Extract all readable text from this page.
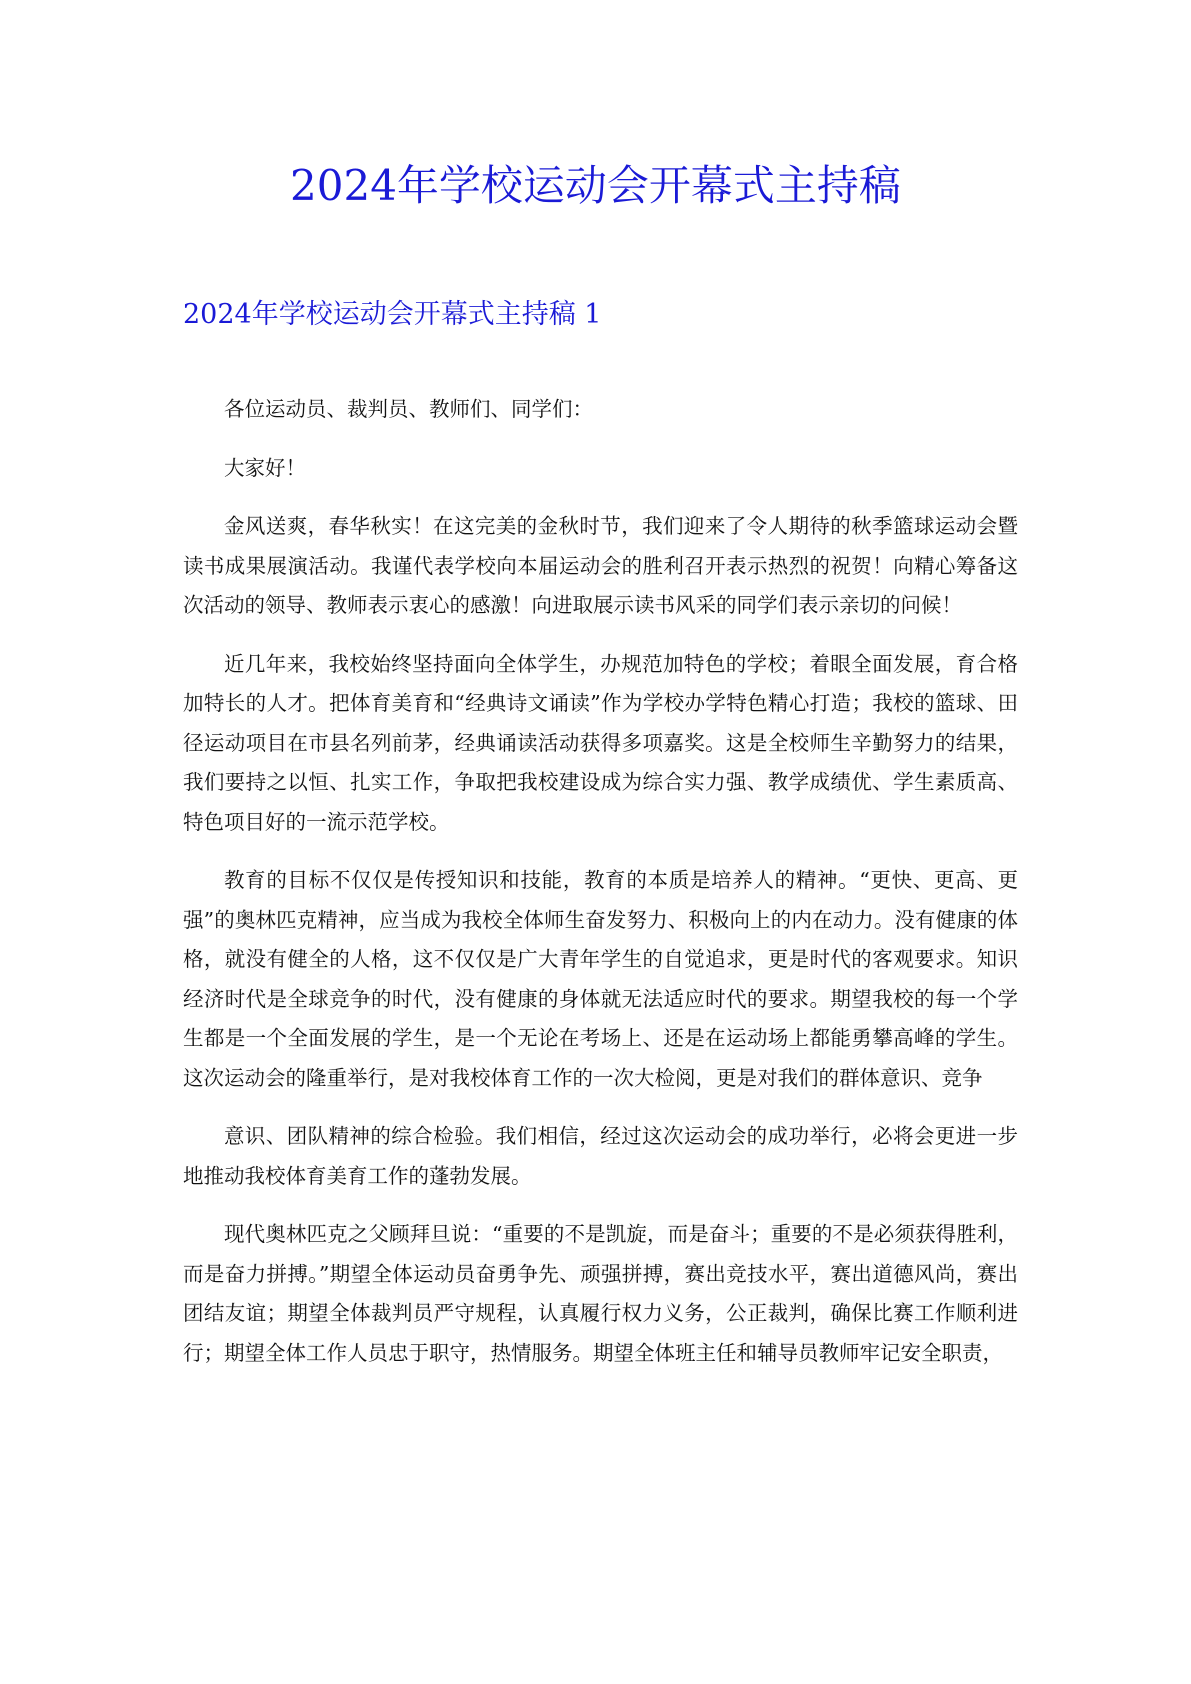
2024年学校运动会开幕式主持稿
2024年学校运动会开幕式主持稿 1

各位运动员、裁判员、教师们、同学们：

大家好！

金风送爽，春华秋实！在这完美的金秋时节，我们迎来了令人期待的秋季篮球运动会暨读书成果展演活动。我谨代表学校向本届运动会的胜利召开表示热烈的祝贺！向精心筹备这次活动的领导、教师表示衷心的感激！向进取展示读书风采的同学们表示亲切的问候！

近几年来，我校始终坚持面向全体学生，办规范加特色的学校；着眼全面发展，育合格加特长的人才。把体育美育和“经典诗文诵读”作为学校办学特色精心打造；我校的篮球、田径运动项目在市县名列前茅，经典诵读活动获得多项嘉奖。这是全校师生辛勤努力的结果，我们要持之以恒、扎实工作，争取把我校建设成为综合实力强、教学成绩优、学生素质高、特色项目好的一流示范学校。

教育的目标不仅仅是传授知识和技能，教育的本质是培养人的精神。“更快、更高、更强”的奥林匹克精神，应当成为我校全体师生奋发努力、积极向上的内在动力。没有健康的体格，就没有健全的人格，这不仅仅是广大青年学生的自觉追求，更是时代的客观要求。知识经济时代是全球竞争的时代，没有健康的身体就无法适应时代的要求。期望我校的每一个学生都是一个全面发展的学生，是一个无论在考场上、还是在运动场上都能勇攀高峰的学生。这次运动会的隆重举行，是对我校体育工作的一次大检阅，更是对我们的群体意识、竞争

意识、团队精神的综合检验。我们相信，经过这次运动会的成功举行，必将会更进一步地推动我校体育美育工作的蓬勃发展。

现代奥林匹克之父顾拜旦说：“重要的不是凯旋，而是奋斗；重要的不是必须获得胜利，而是奋力拼搏。”期望全体运动员奋勇争先、顽强拼搏，赛出竞技水平，赛出道德风尚，赛出团结友谊；期望全体裁判员严守规程，认真履行权力义务，公正裁判，确保比赛工作顺利进行；期望全体工作人员忠于职守，热情服务。期望全体班主任和辅导员教师牢记安全职责，
